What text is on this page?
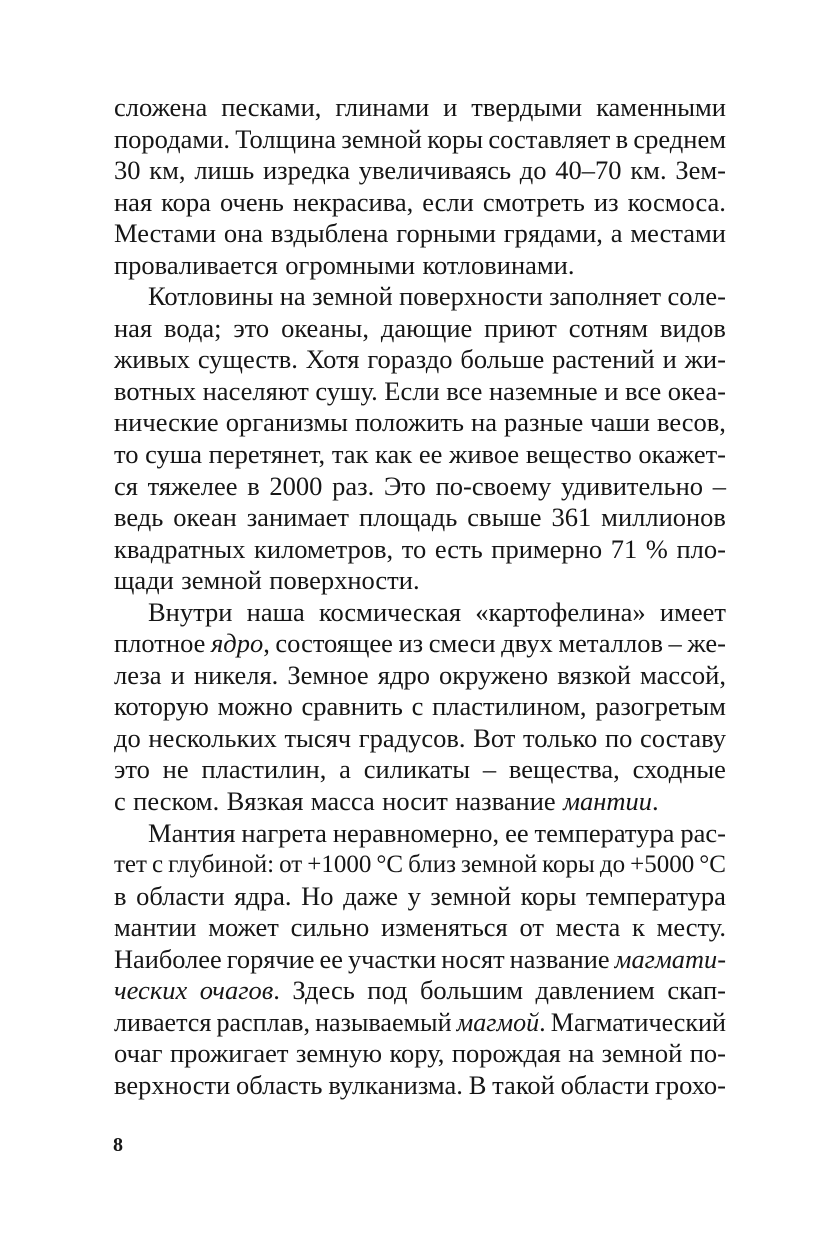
сложена песками, глинами и твердыми каменными
породами. Толщина земной коры составляет в среднем
30 км, лишь изредка увеличиваясь до 40–70 км. Зем-
ная кора очень некрасива, если смотреть из космоса.
Местами она вздыблена горными грядами, а местами
проваливается огромными котловинами.
Котловины на земной поверхности заполняет соле-
ная вода; это океаны, дающие приют сотням видов
живых существ. Хотя гораздо больше растений и жи-
вотных населяют сушу. Если все наземные и все океа-
нические организмы положить на разные чаши весов,
то суша перетянет, так как ее живое вещество окажет-
ся тяжелее в 2000 раз. Это по-своему удивительно –
ведь океан занимает площадь свыше 361 миллионов
квадратных километров, то есть примерно 71 % пло-
щади земной поверхности.
Внутри наша космическая «картофелина» имеет
плотное ядро, состоящее из смеси двух металлов – же-
леза и никеля. Земное ядро окружено вязкой массой,
которую можно сравнить с пластилином, разогретым
до нескольких тысяч градусов. Вот только по составу
это не пластилин, а силикаты – вещества, сходные
с песком. Вязкая масса носит название мантии.
Мантия нагрета неравномерно, ее температура рас-
тет с глубиной: от +1000 °C близ земной коры до +5000 °C
в области ядра. Но даже у земной коры температура
мантии может сильно изменяться от места к месту.
Наиболее горячие ее участки носят название магмати-
ческих очагов. Здесь под большим давлением скап-
ливается расплав, называемый магмой. Магматический
очаг прожигает земную кору, порождая на земной по-
верхности область вулканизма. В такой области грохо-
8
